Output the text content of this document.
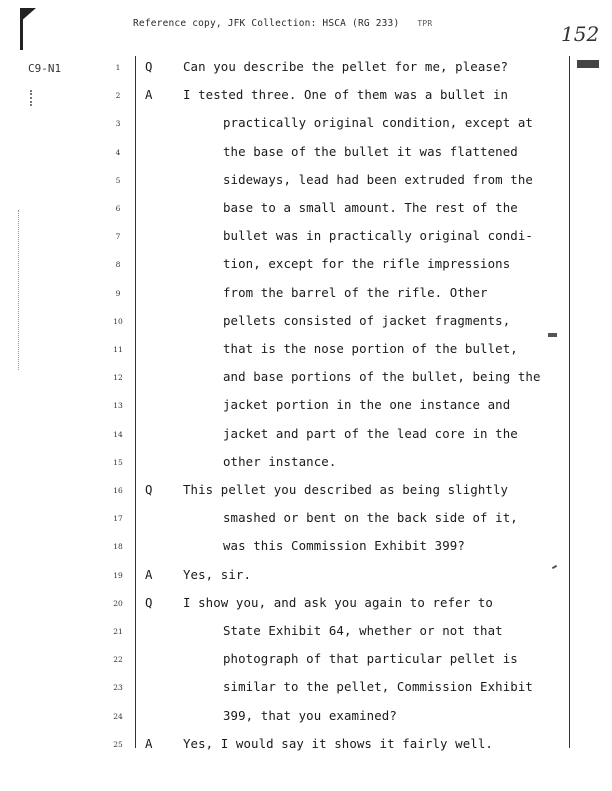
Reference copy, JFK Collection: HSCA (RG 233) TPR	152
C9-N1	1	Q Can you describe the pellet for me, please?
2	A I tested three. One of them was a bullet in
3	practically original condition, except at
4	the base of the bullet it was flattened
5	sideways, lead had been extruded from the
6	base to a small amount. The rest of the
7	bullet was in practically original condi-
8	tion, except for the rifle impressions
9	from the barrel of the rifle. Other
10	pellets consisted of jacket fragments,
11	that is the nose portion of the bullet,
12	and base portions of the bullet, being the
13	jacket portion in the one instance and
14	jacket and part of the lead core in the
15	other instance.
16 Q This pellet you described as being slightly
17	smashed or bent on the back side of it,
18	was this Commission Exhibit 399?
19 A Yes, sir.
20 Q I show you, and ask you again to refer to
21	State Exhibit 64, whether or not that
22	photograph of that particular pellet is
23	similar to the pellet, Commission Exhibit
24	399, that you examined?
25 A Yes, I would say it shows it fairly well.
